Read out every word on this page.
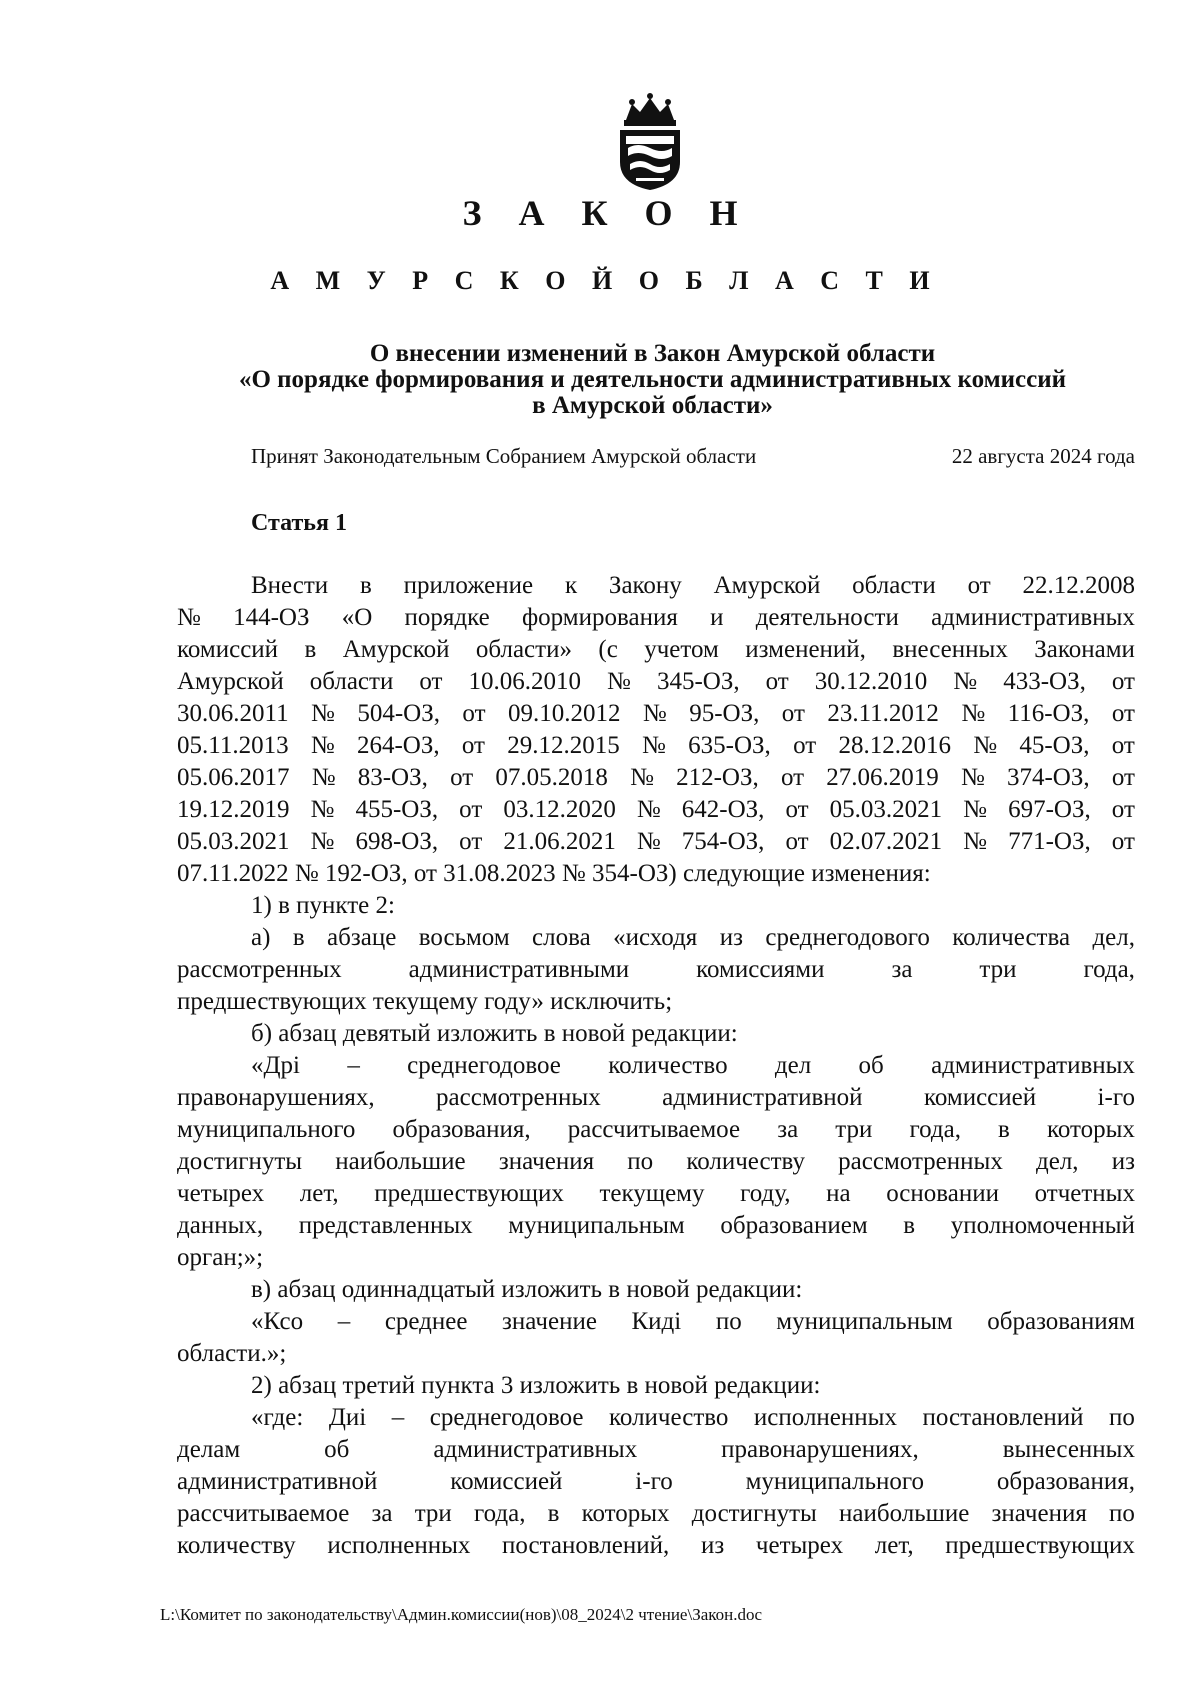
З А К О Н
А М У Р С К О Й О Б Л А С Т И
О внесении изменений в Закон Амурской области
«О порядке формирования и деятельности административных комиссий
в Амурской области»
Принят Законодательным Собранием Амурской области	22 августа 2024 года
Статья 1
Внести в приложение к Закону Амурской области от 22.12.2008
№ 144-ОЗ «О порядке формирования и деятельности административных
комиссий в Амурской области» (с учетом изменений, внесенных Законами
Амурской области от 10.06.2010 № 345-ОЗ, от 30.12.2010 № 433-ОЗ, от
30.06.2011 № 504-ОЗ, от 09.10.2012 № 95-ОЗ, от 23.11.2012 № 116-ОЗ, от
05.11.2013 № 264-ОЗ, от 29.12.2015 № 635-ОЗ, от 28.12.2016 № 45-ОЗ, от
05.06.2017 № 83-ОЗ, от 07.05.2018 № 212-ОЗ, от 27.06.2019 № 374-ОЗ, от
19.12.2019 № 455-ОЗ, от 03.12.2020 № 642-ОЗ, от 05.03.2021 № 697-ОЗ, от
05.03.2021 № 698-ОЗ, от 21.06.2021 № 754-ОЗ, от 02.07.2021 № 771-ОЗ, от
07.11.2022 № 192-ОЗ, от 31.08.2023 № 354-ОЗ) следующие изменения:
1) в пункте 2:
а) в абзаце восьмом слова «исходя из среднегодового количества дел,
рассмотренных	административными	комиссиями	за	три	года,
предшествующих текущему году» исключить;
б) абзац девятый изложить в новой редакции:
«Дpi – среднегодовое количество дел об административных
правонарушениях, рассмотренных административной комиссией i-го
муниципального образования, рассчитываемое за три года, в которых
достигнуты наибольшие значения по количеству рассмотренных дел, из
четырех лет, предшествующих текущему году, на основании отчетных
данных, представленных муниципальным образованием в уполномоченный
орган;»;
в) абзац одиннадцатый изложить в новой редакции:
«Ксо – среднее значение Кидi по муниципальным образованиям
области.»;
2) абзац третий пункта 3 изложить в новой редакции:
«где: Диi – среднегодовое количество исполненных постановлений по
делам	об	административных	правонарушениях,	вынесенных
административной	комиссией	i-го	муниципального	образования,
рассчитываемое за три года, в которых достигнуты наибольшие значения по
количеству исполненных постановлений, из четырех лет, предшествующих
L:\Комитет по законодательству\Админ.комиссии(нов)\08_2024\2 чтение\Закон.doc
